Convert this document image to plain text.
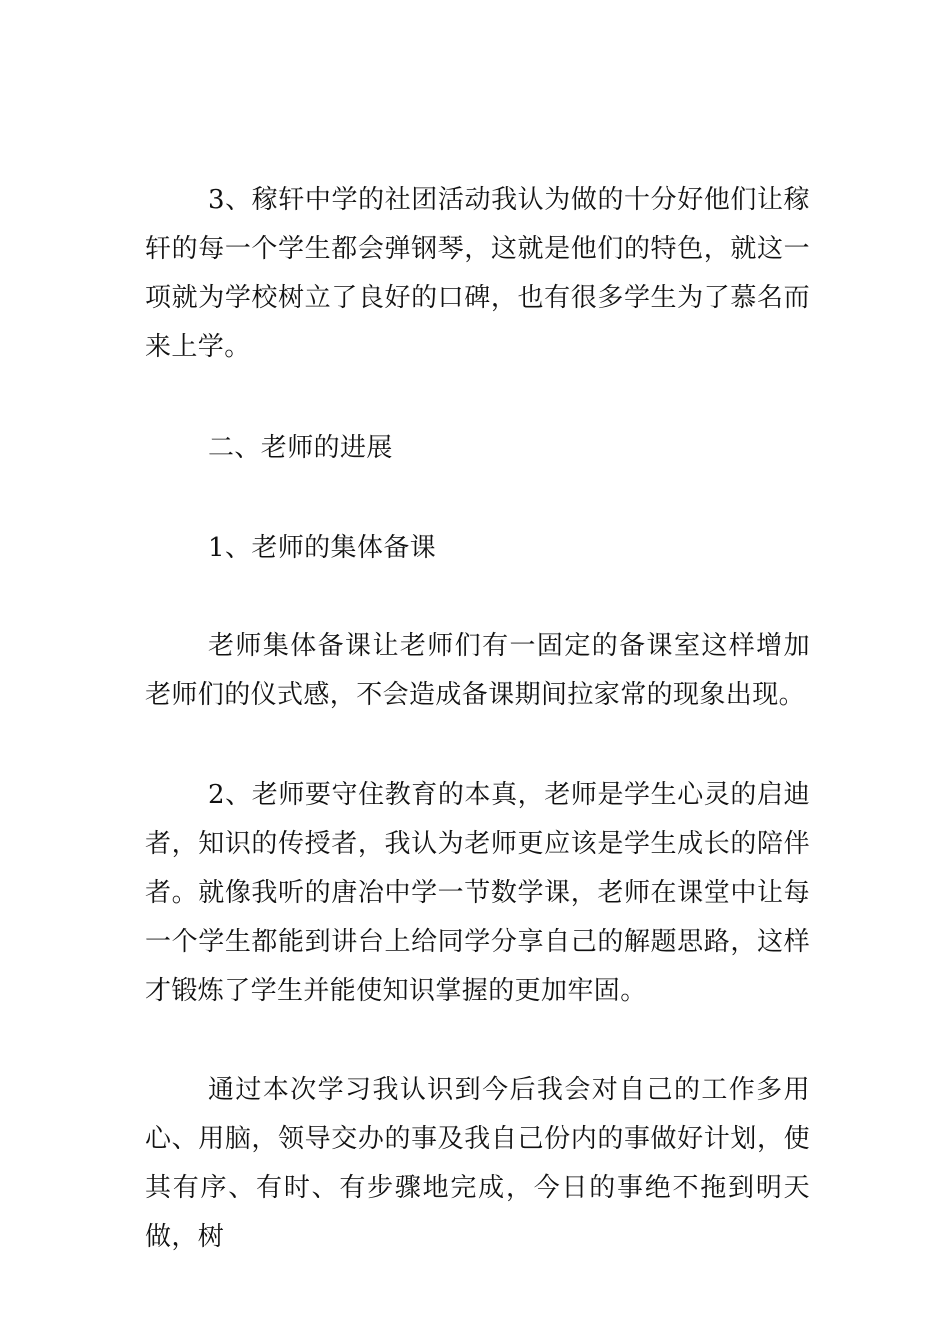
3、稼轩中学的社团活动我认为做的十分好他们让稼轩的每一个学生都会弹钢琴，这就是他们的特色，就这一项就为学校树立了良好的口碑，也有很多学生为了慕名而来上学。

二、老师的进展

1、老师的集体备课

老师集体备课让老师们有一固定的备课室这样增加老师们的仪式感，不会造成备课期间拉家常的现象出现。

2、老师要守住教育的本真，老师是学生心灵的启迪者，知识的传授者，我认为老师更应该是学生成长的陪伴者。就像我听的唐冶中学一节数学课，老师在课堂中让每一个学生都能到讲台上给同学分享自己的解题思路，这样才锻炼了学生并能使知识掌握的更加牢固。

通过本次学习我认识到今后我会对自己的工作多用心、用脑，领导交办的事及我自己份内的事做好计划，使其有序、有时、有步骤地完成，今日的事绝不拖到明天做，树
